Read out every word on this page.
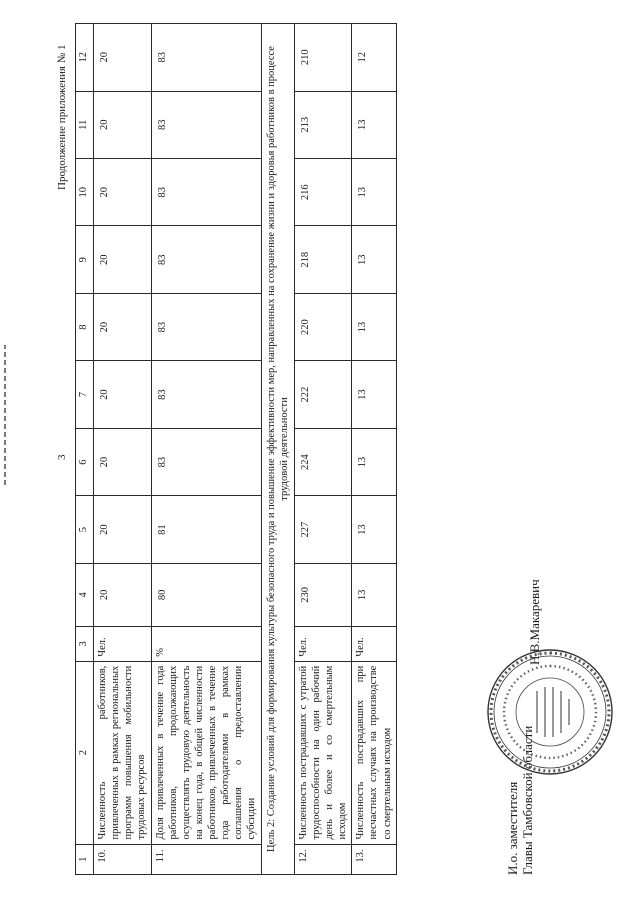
3
Продолжение приложения № 1
1	2	3	4	5	6	7	8	9	10	11	12
10.	Численность работников, привлеченных в рамках региональных программ повышения мобильности трудовых ресурсов	Чел.	20	20	20	20	20	20	20	20	20
11.	Доля привлеченных в течение года работников, продолжающих осуществлять трудовую деятельность на конец года, в общей численности работников, привлеченных в течение года работодателями в рамках соглашения о предоставлении субсидии	%	80	81	83	83	83	83	83	83	83
Цель 2: Создание условий для формирования культуры безопасного труда и повышение эффективности мер, направленных на сохранение жизни и здоровья работников в процессе трудовой деятельности											
12.	Численность пострадавших с утратой трудоспособности на один рабочий день и более и со смертельным исходом	Чел.	230	227	224	222	220	218	216	213	210
13.	Численность пострадавших при несчастных случаях на производстве со смертельным исходом	Чел.	13	13	13	13	13	13	13	13	12
И.о. заместителя Главы Тамбовской области
Н.В.Макаревич
